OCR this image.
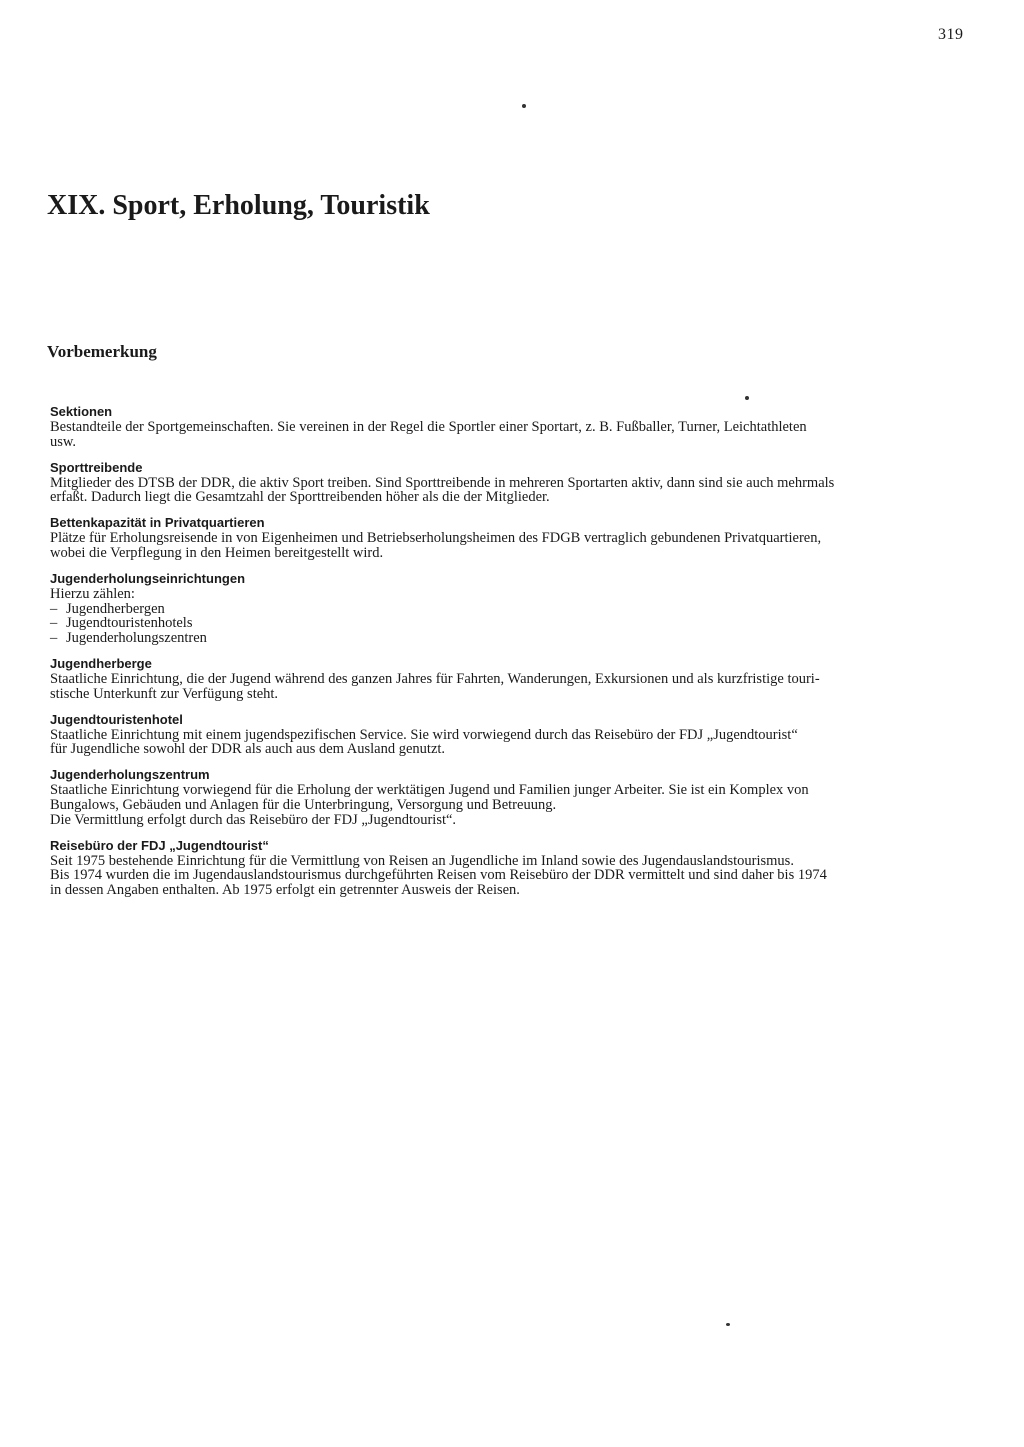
319
XIX. Sport, Erholung, Touristik
Vorbemerkung

Sektionen

Bestandteile der Sportgemeinschaften. Sie vereinen in der Regel die Sportler einer Sportart, z. B. Fußballer, Turner, Leichtathleten

usw.

Sporttreibende

Mitglieder des DTSB der DDR, die aktiv Sport treiben. Sind Sporttreibende in mehreren Sportarten aktiv, dann sind sie auch mehrmals

erfaßt. Dadurch liegt die Gesamtzahl der Sporttreibenden höher als die der Mitglieder.

Bettenkapazität in Privatquartieren

Plätze für Erholungsreisende in von Eigenheimen und Betriebserholungsheimen des FDGB vertraglich gebundenen Privatquartieren,

wobei die Verpflegung in den Heimen bereitgestellt wird.

Jugenderholungseinrichtungen

Hierzu zählen:

– Jugendherbergen

– Jugendtouristenhotels

– Jugenderholungszentren

Jugendherberge

Staatliche Einrichtung, die der Jugend während des ganzen Jahres für Fahrten, Wanderungen, Exkursionen und als kurzfristige touri-

stische Unterkunft zur Verfügung steht.

Jugendtouristenhotel

Staatliche Einrichtung mit einem jugendspezifischen Service. Sie wird vorwiegend durch das Reisebüro der FDJ „Jugendtourist“

für Jugendliche sowohl der DDR als auch aus dem Ausland genutzt.

Jugenderholungszentrum

Staatliche Einrichtung vorwiegend für die Erholung der werktätigen Jugend und Familien junger Arbeiter. Sie ist ein Komplex von

Bungalows, Gebäuden und Anlagen für die Unterbringung, Versorgung und Betreuung.

Die Vermittlung erfolgt durch das Reisebüro der FDJ „Jugendtourist“.

Reisebüro der FDJ „Jugendtourist“

Seit 1975 bestehende Einrichtung für die Vermittlung von Reisen an Jugendliche im Inland sowie des Jugendauslandstourismus.

Bis 1974 wurden die im Jugendauslandstourismus durchgeführten Reisen vom Reisebüro der DDR vermittelt und sind daher bis 1974

in dessen Angaben enthalten. Ab 1975 erfolgt ein getrennter Ausweis der Reisen.
